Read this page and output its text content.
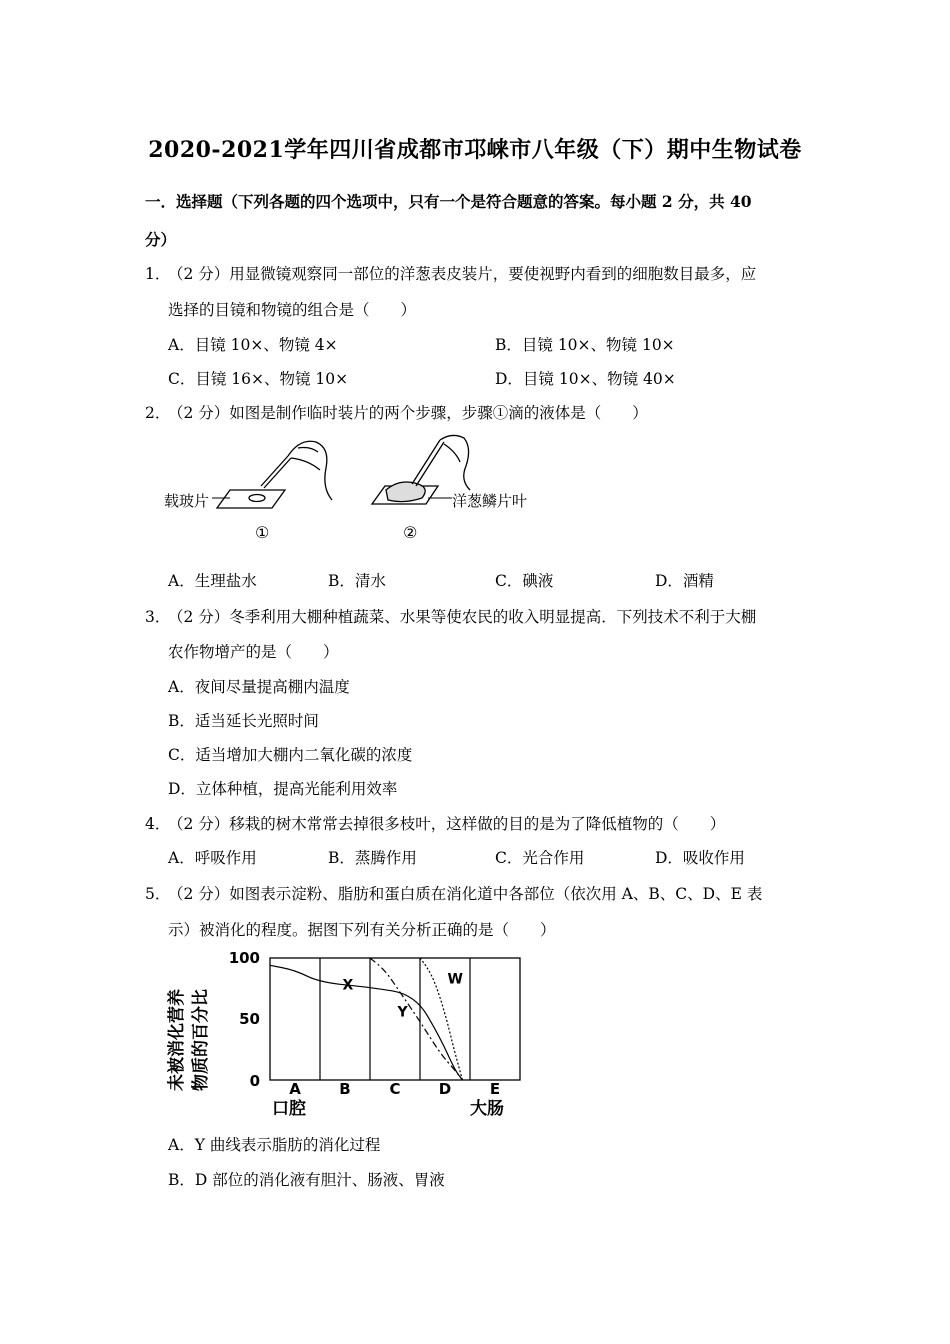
2020-2021学年四川省成都市邛崃市八年级（下）期中生物试卷
一．选择题（下列各题的四个选项中，只有一个是符合题意的答案。每小题 2 分，共 40
分）
1．
（2 分）用显微镜观察同一部位的洋葱表皮装片，要使视野内看到的细胞数目最多，应
选择的目镜和物镜的组合是（　　）
A．目镜 10×、物镜 4×	B．目镜 10×、物镜 10×
C．目镜 16×、物镜 10×	D．目镜 10×、物镜 40×
2．
（2 分）如图是制作临时装片的两个步骤，步骤①滴的液体是（　　）
载玻片
①
洋葱鳞片叶
②
A．生理盐水	B．清水	C．碘液	D．酒精
3．
（2 分）冬季利用大棚种植蔬菜、水果等使农民的收入明显提高．下列技术不利于大棚
农作物增产的是（　　）
A．夜间尽量提高棚内温度
B．适当延长光照时间
C．适当增加大棚内二氧化碳的浓度
D．立体种植，提高光能利用效率
4．
（2 分）移栽的树木常常去掉很多枝叶，这样做的目的是为了降低植物的（　　）
A．呼吸作用	B．蒸腾作用	C．光合作用	D．吸收作用
5．
（2 分）如图表示淀粉、脂肪和蛋白质在消化道中各部位（依次用 A、B、C、D、E 表
示）被消化的程度。据图下列有关分析正确的是（　　）
未被消化营养 物质的百分比
100
50
0
X
Y
W
A	B	C	D	E
口腔	大肠
A．Y 曲线表示脂肪的消化过程
B．D 部位的消化液有胆汁、肠液、胃液
